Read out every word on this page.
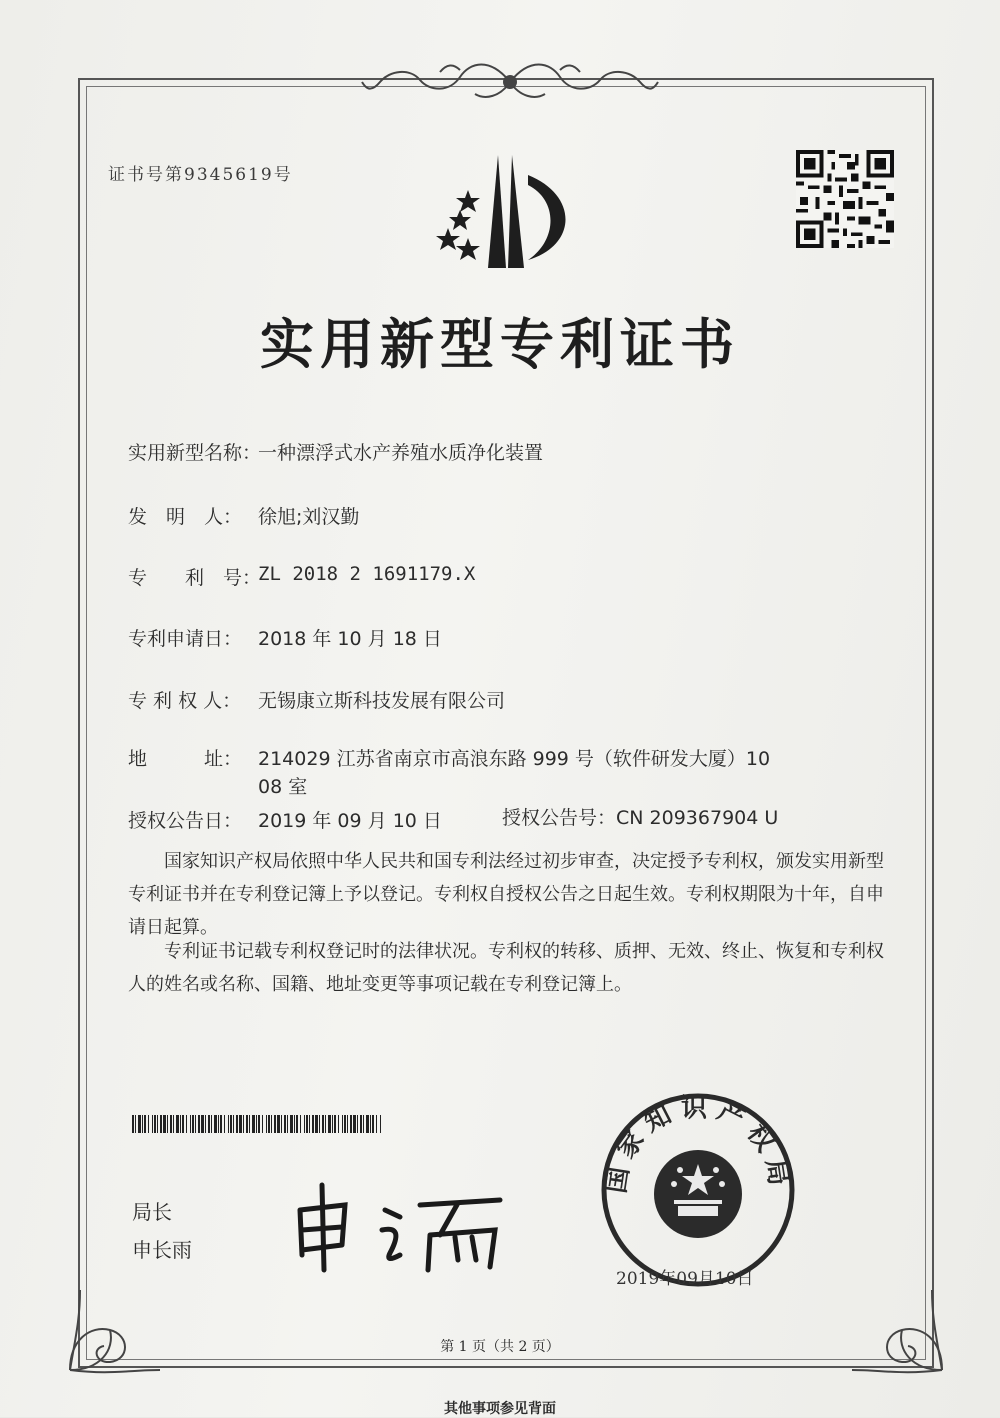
证书号第9345619号
实用新型专利证书
实用新型名称：
一种漂浮式水产养殖水质净化装置
发　明　人： 徐旭;刘汉勤
专　　利　号：
ZL 2018 2 1691179.X
专利申请日： 2018 年 10 月 18 日
专 利 权 人： 无锡康立斯科技发展有限公司
地　　　址： 214029 江苏省南京市高浪东路 999 号（软件研发大厦）10
08 室
授权公告日： 2019 年 09 月 10 日	授权公告号：CN 209367904 U
　　国家知识产权局依照中华人民共和国专利法经过初步审查，决定授予专利权，颁发实用新型专利证书并在专利登记簿上予以登记。专利权自授权公告之日起生效。专利权期限为十年，自申请日起算。
　　专利证书记载专利权登记时的法律状况。专利权的转移、质押、无效、终止、恢复和专利权人的姓名或名称、国籍、地址变更等事项记载在专利登记簿上。
局长
申长雨
国家知识产权局
2019年09月10日
第 1 页（共 2 页）
其他事项参见背面
